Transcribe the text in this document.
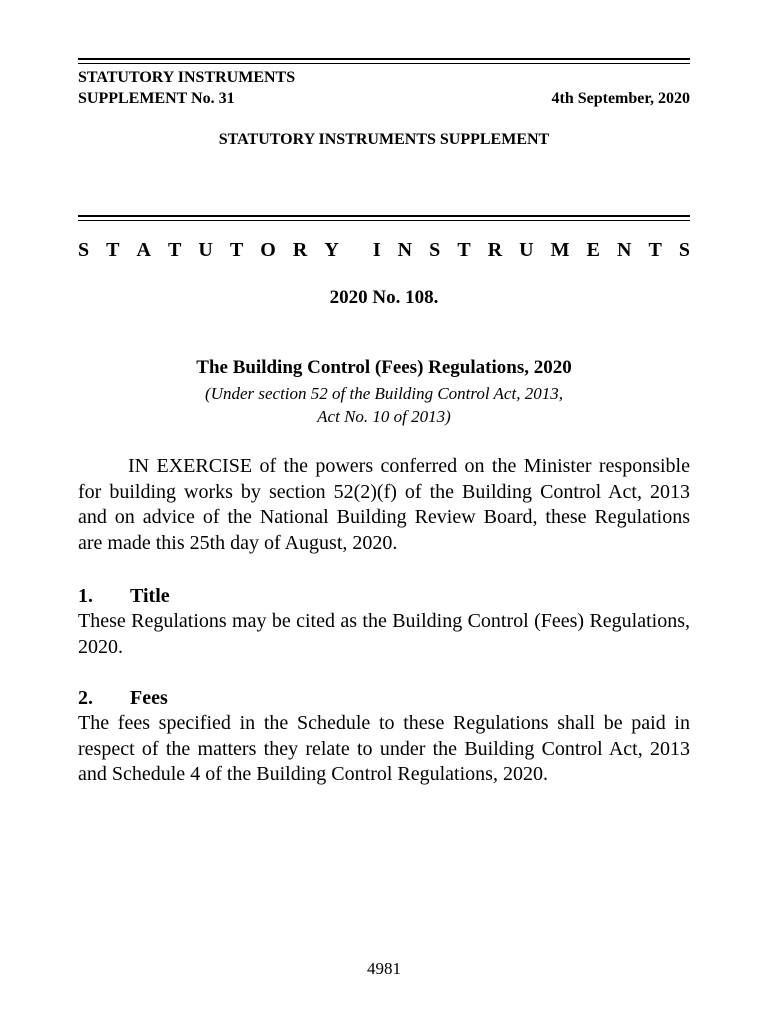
STATUTORY INSTRUMENTS
SUPPLEMENT No. 31	4th September, 2020
STATUTORY INSTRUMENTS SUPPLEMENT
S T A T U T O R Y I N S T R U M E N T S
2020 No. 108.
The Building Control (Fees) Regulations, 2020
(Under section 52 of the Building Control Act, 2013,
Act No. 10 of 2013)
IN EXERCISE of the powers conferred on the Minister responsible for building works by section 52(2)(f) of the Building Control Act, 2013 and on advice of the National Building Review Board, these Regulations are made this 25th day of August, 2020.
1. Title
These Regulations may be cited as the Building Control (Fees) Regulations, 2020.
2. Fees
The fees specified in the Schedule to these Regulations shall be paid in respect of the matters they relate to under the Building Control Act, 2013 and Schedule 4 of the Building Control Regulations, 2020.
4981
